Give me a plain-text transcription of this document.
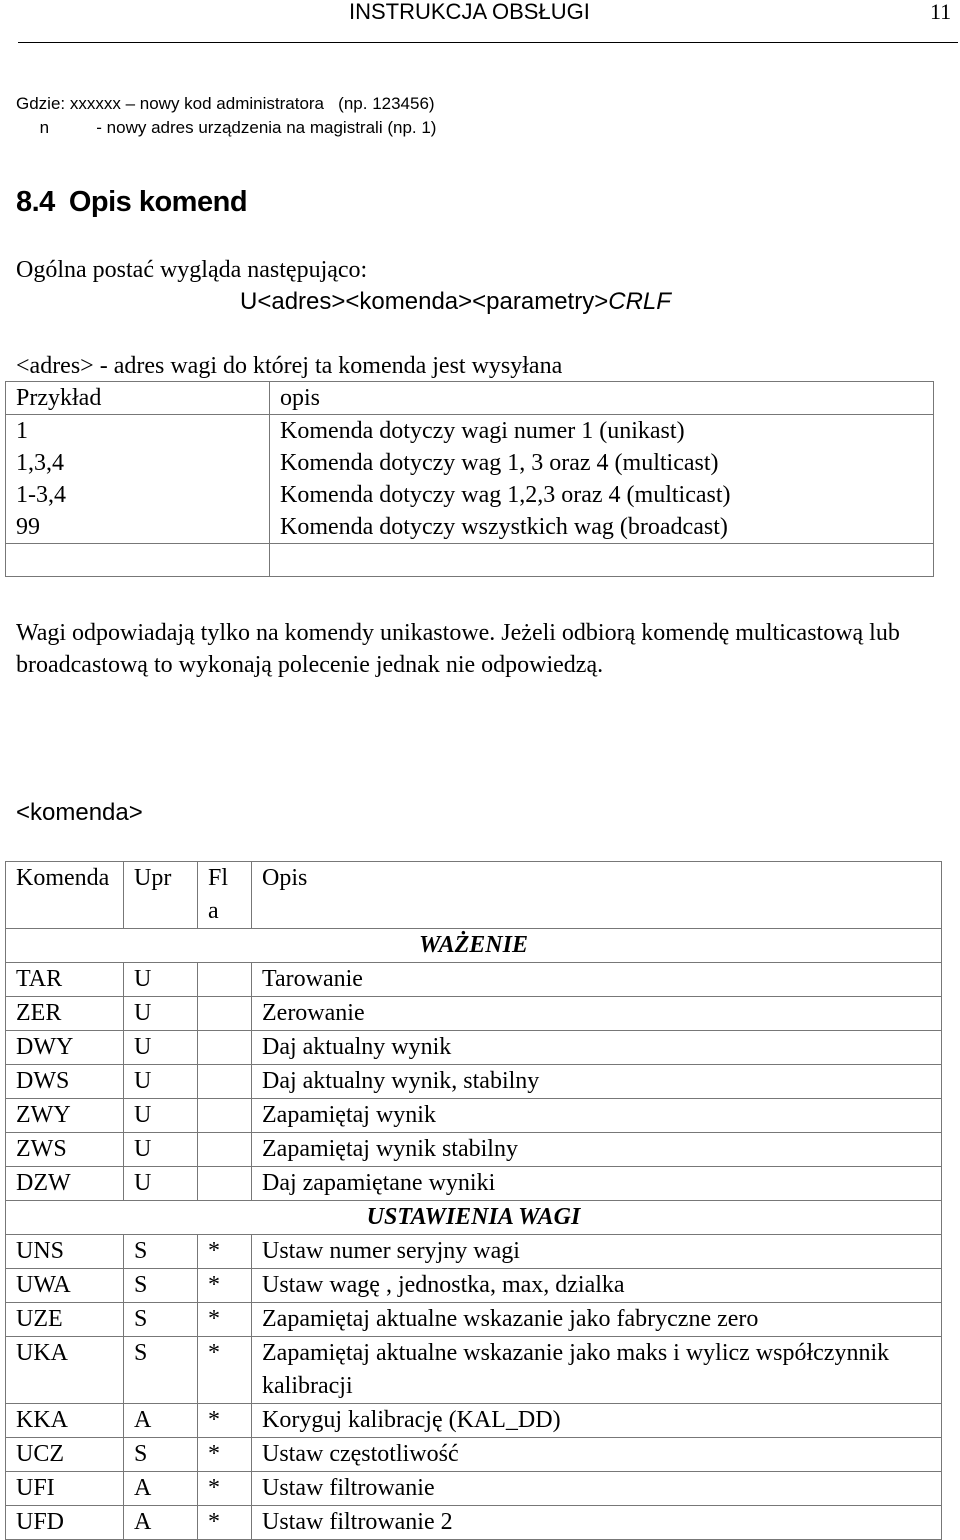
INSTRUKCJA OBSŁUGI	11
Gdzie: xxxxxx – nowy kod administratora   (np. 123456)
n          - nowy adres urządzenia na magistrali (np. 1)
8.4 Opis komend
Ogólna postać wygląda następująco:
U<adres><komenda><parametry>CRLF
<adres> - adres wagi do której ta komenda jest wysyłana
Przykład	opis
1	Komenda dotyczy wagi numer 1 (unikast)
1,3,4	Komenda dotyczy wag 1, 3 oraz 4 (multicast)
1-3,4	Komenda dotyczy wag 1,2,3 oraz 4 (multicast)
99	Komenda dotyczy wszystkich wag (broadcast)

Wagi odpowiadają tylko na komendy unikastowe. Jeżeli odbiorą komendę multicastową lub broadcastową to wykonają polecenie jednak nie odpowiedzą.
<komenda>
Komenda	Upr	Fla	Opis
WAŻENIE			
TAR	U		Tarowanie
ZER	U		Zerowanie
DWY	U		Daj aktualny wynik
DWS	U		Daj aktualny wynik, stabilny
ZWY	U		Zapamiętaj wynik
ZWS	U		Zapamiętaj wynik stabilny
DZW	U		Daj zapamiętane wyniki
USTAWIENIA WAGI			
UNS	S	*	Ustaw numer seryjny wagi
UWA	S	*	Ustaw wagę , jednostka, max, dzialka
UZE	S	*	Zapamiętaj aktualne wskazanie jako fabryczne zero
UKA	S	*	Zapamiętaj aktualne wskazanie jako maks i wylicz współczynnik kalibracji
KKA	A	*	Koryguj kalibrację (KAL_DD)
UCZ	S	*	Ustaw częstotliwość
UFI	A	*	Ustaw filtrowanie
UFD	A	*	Ustaw filtrowanie 2
